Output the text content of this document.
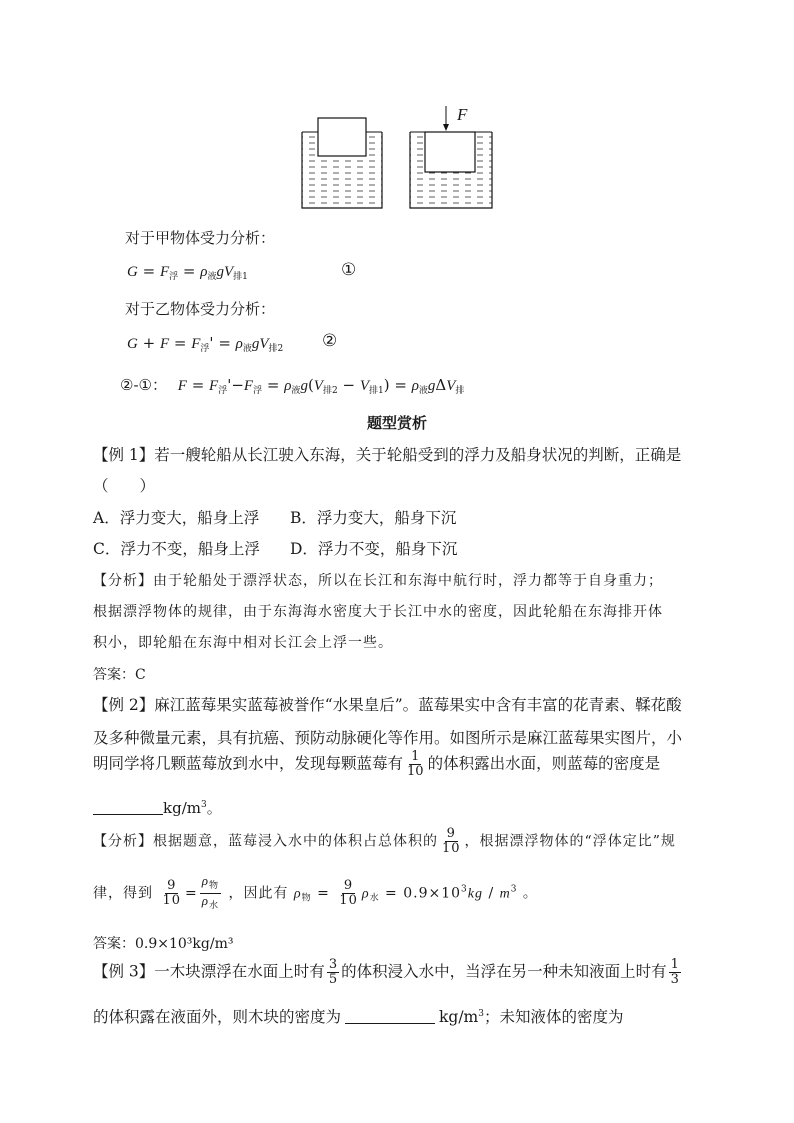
F
对于甲物体受力分析：
$G = F_浮 = \rho_液gV_{排1}$	①
对于乙物体受力分析：
$G + F = F_浮' = \rho_液gV_{排2}$ ②
②-①： $F = F_浮'-F_浮 = \rho_液g(V_{排2} - V_{排1}) = \rho_液g\Delta V_排$
题型赏析
【例 1】若一艘轮船从长江驶入东海，关于轮船受到的浮力及船身状况的判断，正确是
（　　）
A．浮力变大，船身上浮 B．浮力变大，船身下沉
C．浮力不变，船身上浮 D．浮力不变，船身下沉
【分析】由于轮船处于漂浮状态，所以在长江和东海中航行时，浮力都等于自身重力；
根据漂浮物体的规律，由于东海海水密度大于长江中水的密度，因此轮船在东海排开体
积小，即轮船在东海中相对长江会上浮一些。
答案：C
【例 2】麻江蓝莓果实蓝莓被誉作“水果皇后”。蓝莓果实中含有丰富的花青素、鞣花酸
及多种微量元素，具有抗癌、预防动脉硬化等作用。如图所示是麻江蓝莓果实图片，小
明同学将几颗蓝莓放到水中，发现每颗蓝莓有 $\frac{1}{10}$ 的体积露出水面，则蓝莓的密度是
$kg/m^3$。
【分析】根据题意，蓝莓浸入水中的体积占总体积的 $\frac{9}{10}$ ，根据漂浮物体的“浮体定比”规
律，得到 $\frac{9}{10} = \frac{\rho_物}{\rho_水}$ ，因此有 $\rho_物 = \frac{9}{10} \rho_水 = 0.9\times 10^3kg / m^3$ 。
答案：0.9×10³kg/m³
【例 3】一木块漂浮在水面上时有 $\frac{3}{5}$ 的体积浸入水中，当浮在另一种未知液面上时有 $\frac{1}{3}$
的体积露在液面外，则木块的密度为	$kg/m^3$；未知液体的密度为
